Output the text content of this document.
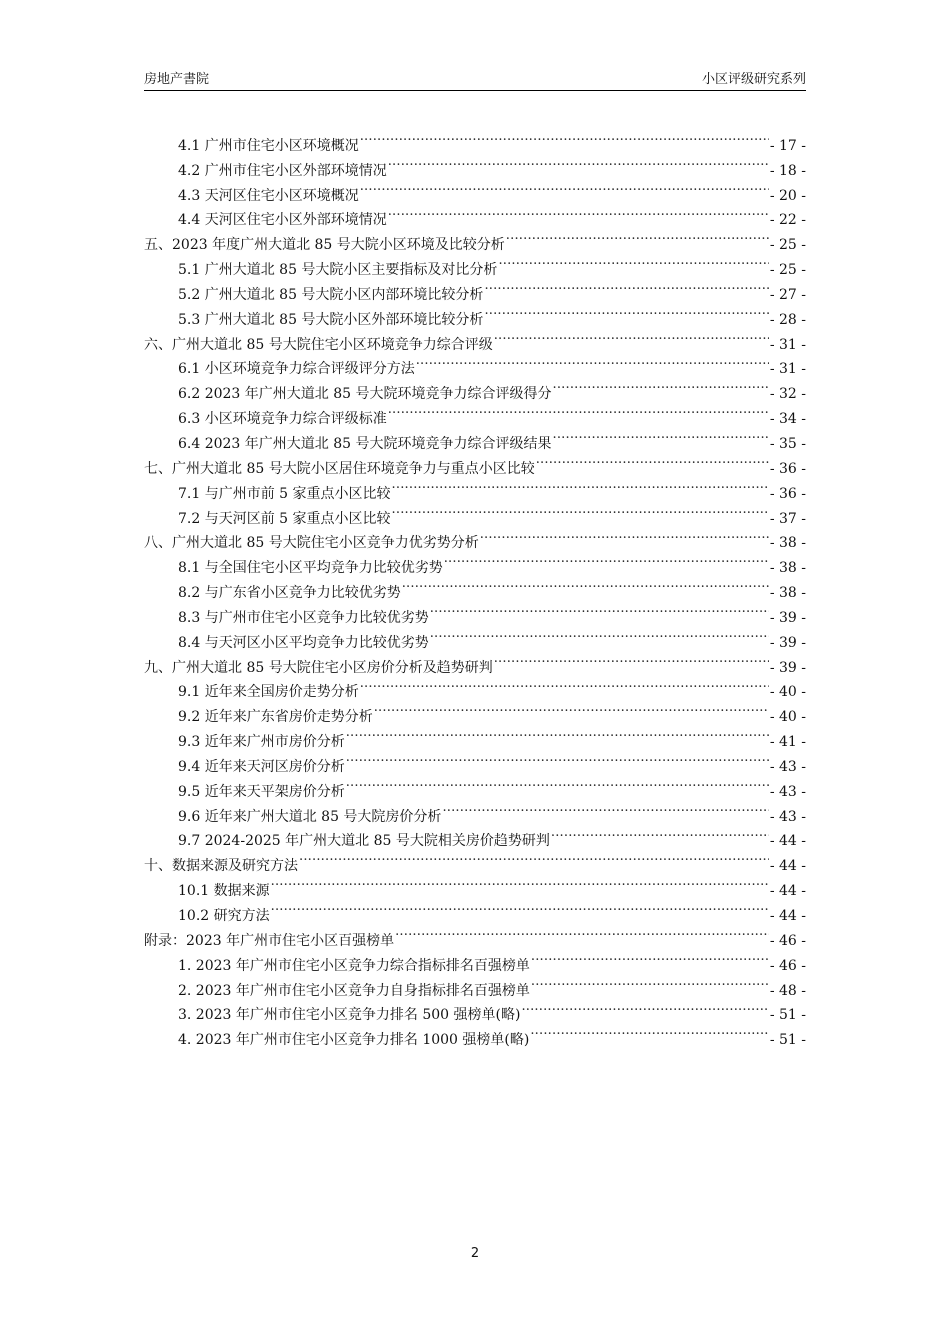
房地产書院	小区评级研究系列
4.1 广州市住宅小区环境概况 .....	- 17 -
4.2 广州市住宅小区外部环境情况 .....	- 18 -
4.3 天河区住宅小区环境概况 .....	- 20 -
4.4 天河区住宅小区外部环境情况 .....	- 22 -
五、2023 年度广州大道北 85 号大院小区环境及比较分析 .....	- 25 -
5.1 广州大道北 85 号大院小区主要指标及对比分析 .....	- 25 -
5.2 广州大道北 85 号大院小区内部环境比较分析 .....	- 27 -
5.3 广州大道北 85 号大院小区外部环境比较分析 .....	- 28 -
六、广州大道北 85 号大院住宅小区环境竞争力综合评级 .....	- 31 -
6.1 小区环境竞争力综合评级评分方法 .....	- 31 -
6.2 2023 年广州大道北 85 号大院环境竞争力综合评级得分 .....	- 32 -
6.3 小区环境竞争力综合评级标准 .....	- 34 -
6.4 2023 年广州大道北 85 号大院环境竞争力综合评级结果 .....	- 35 -
七、广州大道北 85 号大院小区居住环境竞争力与重点小区比较 .....	- 36 -
7.1 与广州市前 5 家重点小区比较 .....	- 36 -
7.2 与天河区前 5 家重点小区比较 .....	- 37 -
八、广州大道北 85 号大院住宅小区竞争力优劣势分析 .....	- 38 -
8.1 与全国住宅小区平均竞争力比较优劣势 .....	- 38 -
8.2 与广东省小区竞争力比较优劣势 .....	- 38 -
8.3 与广州市住宅小区竞争力比较优劣势 .....	- 39 -
8.4 与天河区小区平均竞争力比较优劣势 .....	- 39 -
九、广州大道北 85 号大院住宅小区房价分析及趋势研判 .....	- 39 -
9.1 近年来全国房价走势分析 .....	- 40 -
9.2 近年来广东省房价走势分析 .....	- 40 -
9.3 近年来广州市房价分析 .....	- 41 -
9.4 近年来天河区房价分析 .....	- 43 -
9.5 近年来天平架房价分析 .....	- 43 -
9.6 近年来广州大道北 85 号大院房价分析 .....	- 43 -
9.7 2024-2025 年广州大道北 85 号大院相关房价趋势研判 .....	- 44 -
十、数据来源及研究方法 .....	- 44 -
10.1 数据来源 .....	- 44 -
10.2 研究方法 .....	- 44 -
附录：2023 年广州市住宅小区百强榜单 .....	- 46 -
1. 2023 年广州市住宅小区竞争力综合指标排名百强榜单 .....	- 46 -
2. 2023 年广州市住宅小区竞争力自身指标排名百强榜单 .....	- 48 -
3. 2023 年广州市住宅小区竞争力排名 500 强榜单(略) .....	- 51 -
4. 2023 年广州市住宅小区竞争力排名 1000 强榜单(略) .....	- 51 -
2
